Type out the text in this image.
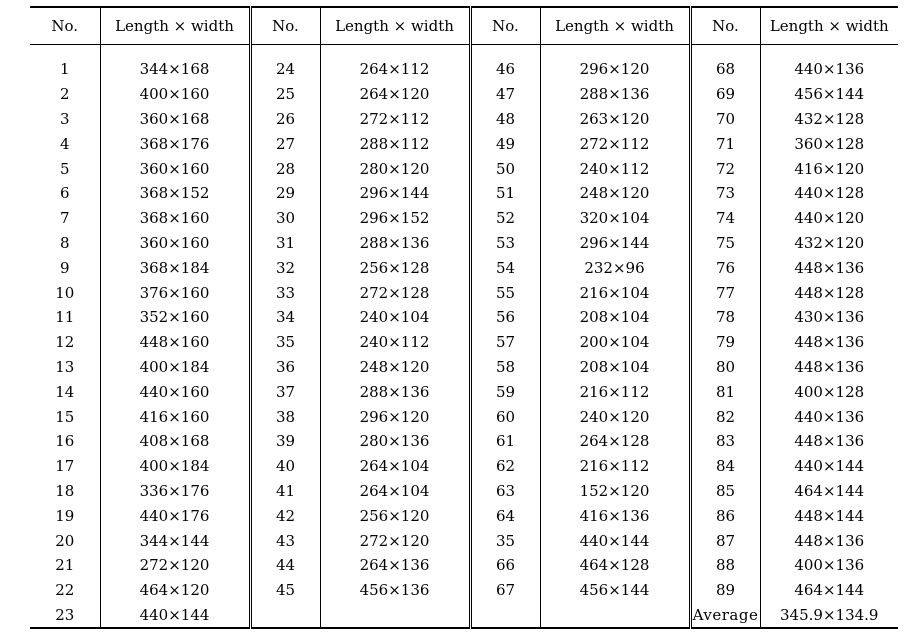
No.	Length × width	No.	Length × width	No.	Length × width	No.	Length × width
1	344×168	24	264×112	46	296×120	68	440×136
2	400×160	25	264×120	47	288×136	69	456×144
3	360×168	26	272×112	48	263×120	70	432×128
4	368×176	27	288×112	49	272×112	71	360×128
5	360×160	28	280×120	50	240×112	72	416×120
6	368×152	29	296×144	51	248×120	73	440×128
7	368×160	30	296×152	52	320×104	74	440×120
8	360×160	31	288×136	53	296×144	75	432×120
9	368×184	32	256×128	54	232×96	76	448×136
10	376×160	33	272×128	55	216×104	77	448×128
11	352×160	34	240×104	56	208×104	78	430×136
12	448×160	35	240×112	57	200×104	79	448×136
13	400×184	36	248×120	58	208×104	80	448×136
14	440×160	37	288×136	59	216×112	81	400×128
15	416×160	38	296×120	60	240×120	82	440×136
16	408×168	39	280×136	61	264×128	83	448×136
17	400×184	40	264×104	62	216×112	84	440×144
18	336×176	41	264×104	63	152×120	85	464×144
19	440×176	42	256×120	64	416×136	86	448×144
20	344×144	43	272×120	35	440×144	87	448×136
21	272×120	44	264×136	66	464×128	88	400×136
22	464×120	45	456×136	67	456×144	89	464×144
23	440×144					Average	345.9×134.9
